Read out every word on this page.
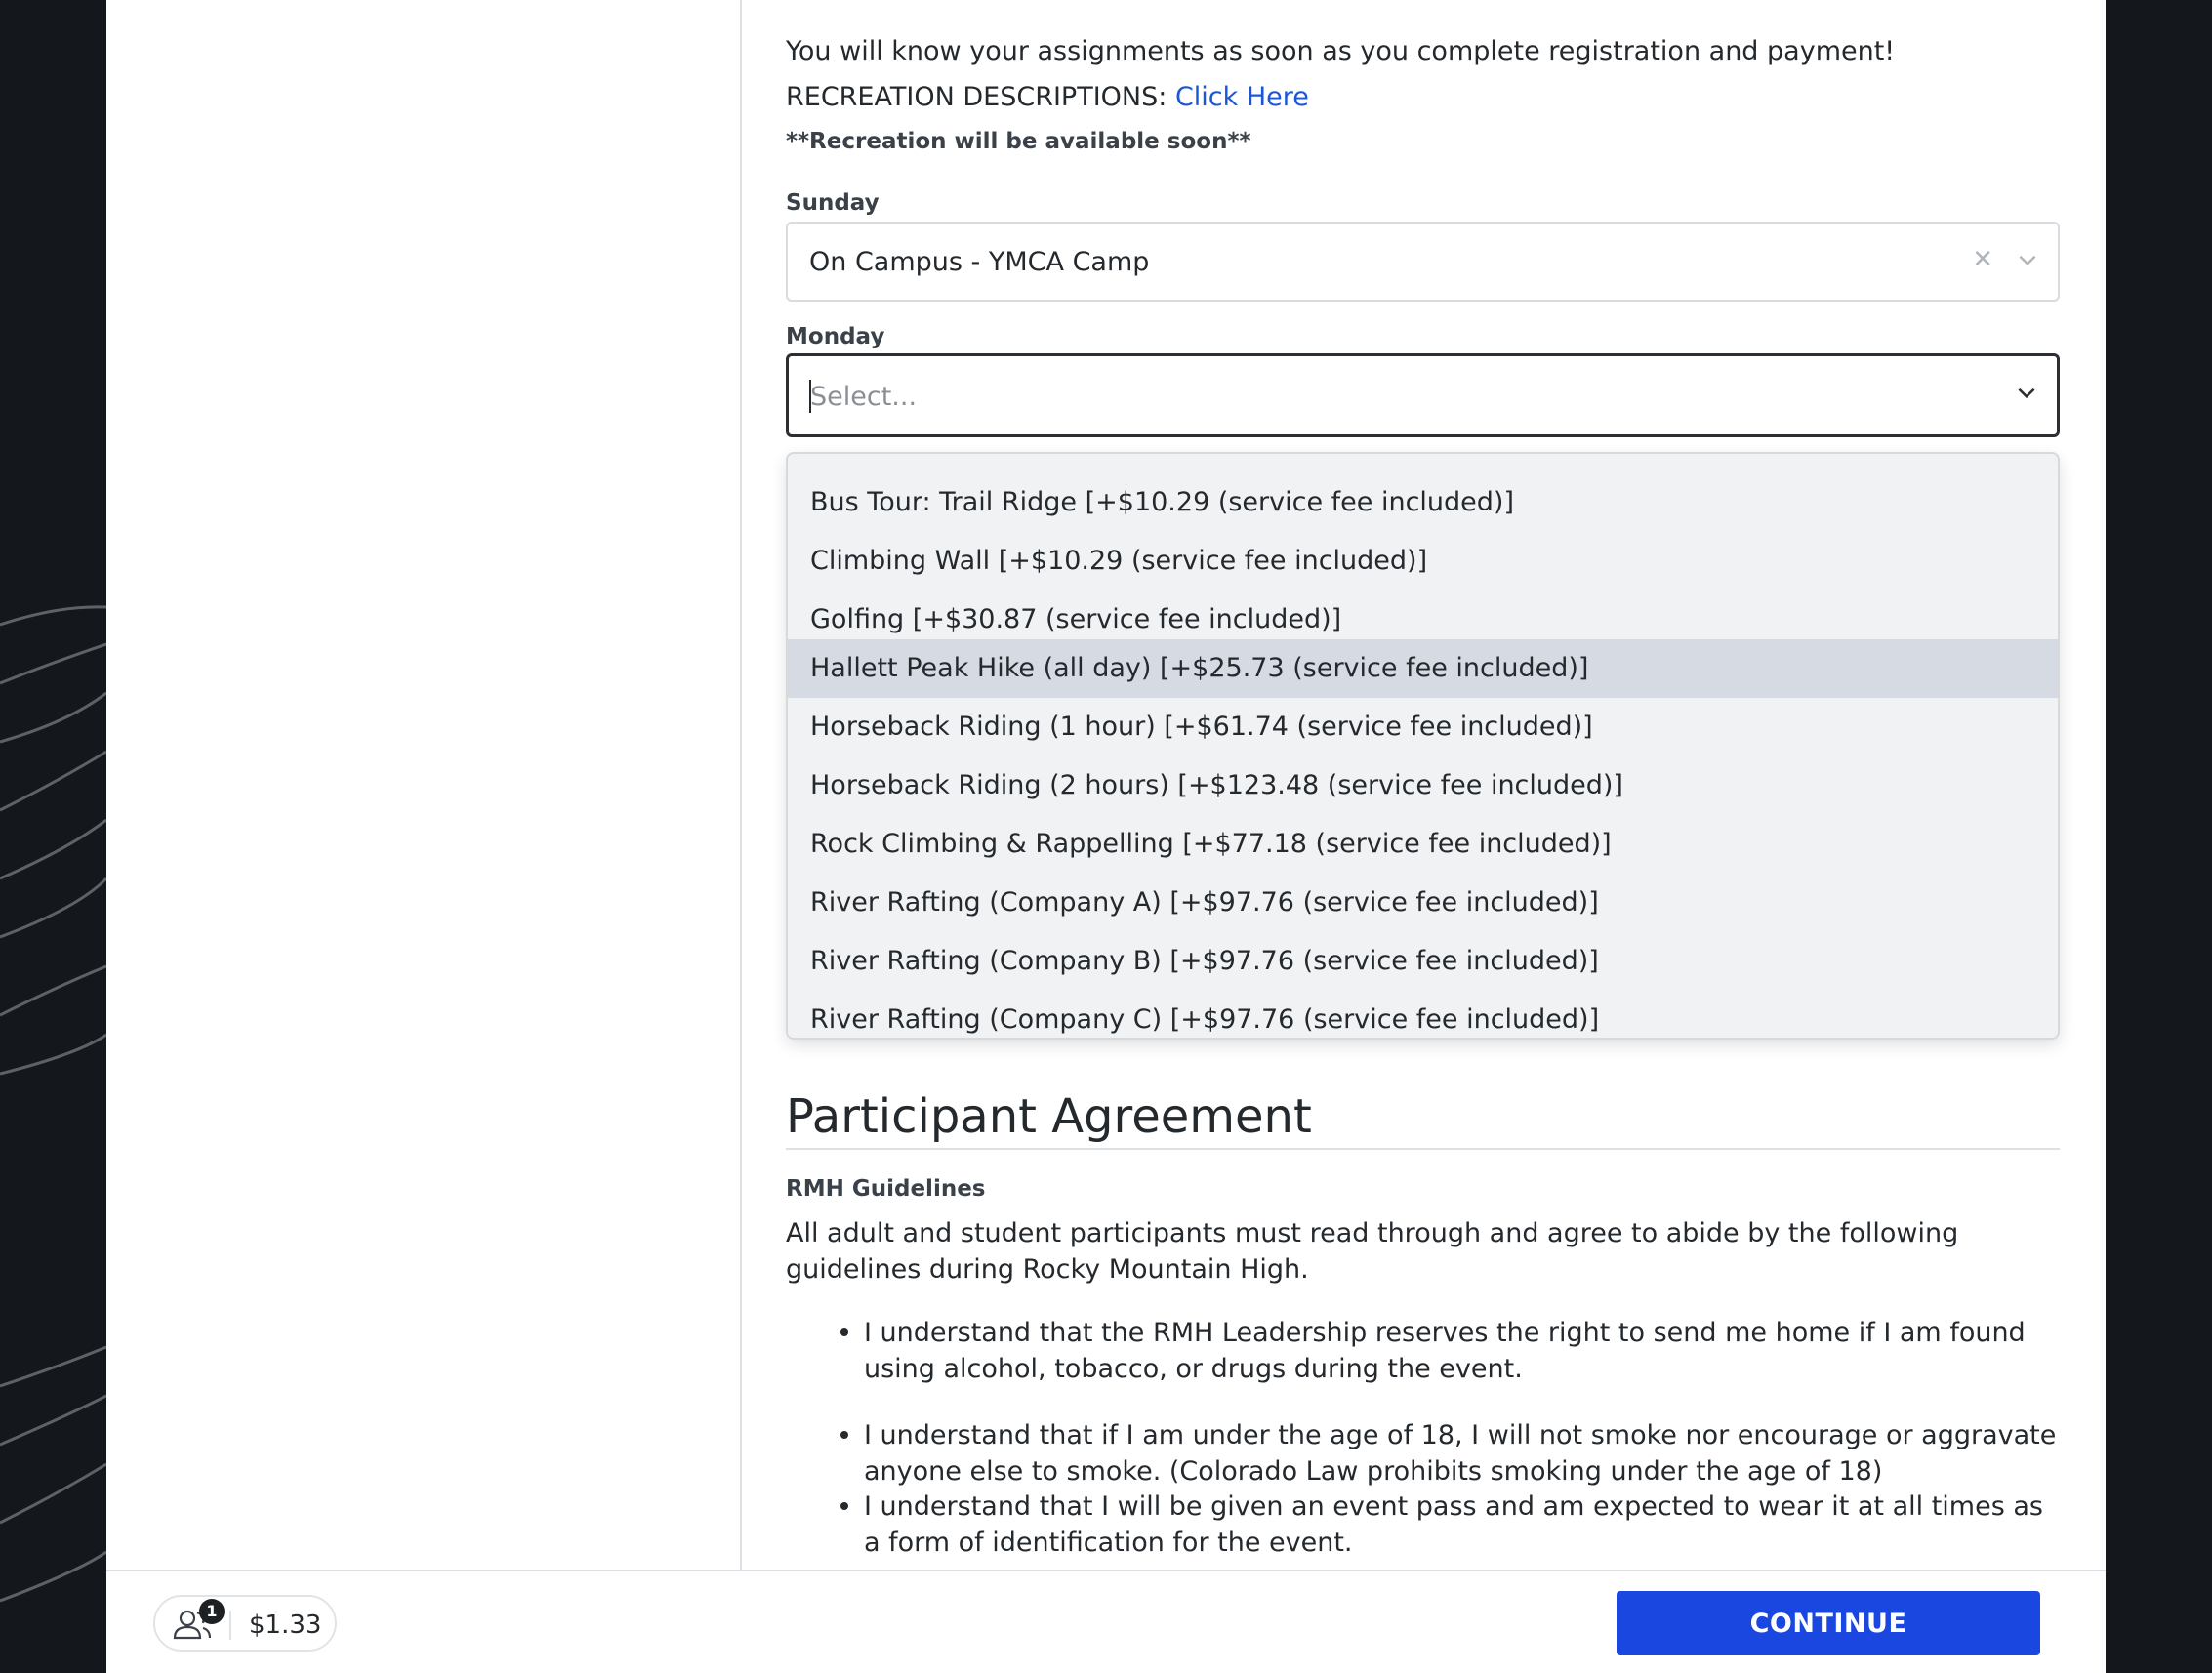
You will know your assignments as soon as you complete registration and payment!
RECREATION DESCRIPTIONS: Click Here
**Recreation will be available soon**
Sunday
On Campus - YMCA Camp	✕
Monday
Select...
Bus Tour: Trail Ridge [+$10.29 (service fee included)]
Climbing Wall [+$10.29 (service fee included)]
Golfing [+$30.87 (service fee included)]
Hallett Peak Hike (all day) [+$25.73 (service fee included)]
Horseback Riding (1 hour) [+$61.74 (service fee included)]
Horseback Riding (2 hours) [+$123.48 (service fee included)]
Rock Climbing & Rappelling [+$77.18 (service fee included)]
River Rafting (Company A) [+$97.76 (service fee included)]
River Rafting (Company B) [+$97.76 (service fee included)]
River Rafting (Company C) [+$97.76 (service fee included)]
Participant Agreement
RMH Guidelines
All adult and student participants must read through and agree to abide by the following guidelines during Rocky Mountain High.
I understand that the RMH Leadership reserves the right to send me home if I am found using alcohol, tobacco, or drugs during the event.
I understand that if I am under the age of 18, I will not smoke nor encourage or aggravate anyone else to smoke. (Colorado Law prohibits smoking under the age of 18)
I understand that I will be given an event pass and am expected to wear it at all times as a form of identification for the event.
1 $1.33	CONTINUE
